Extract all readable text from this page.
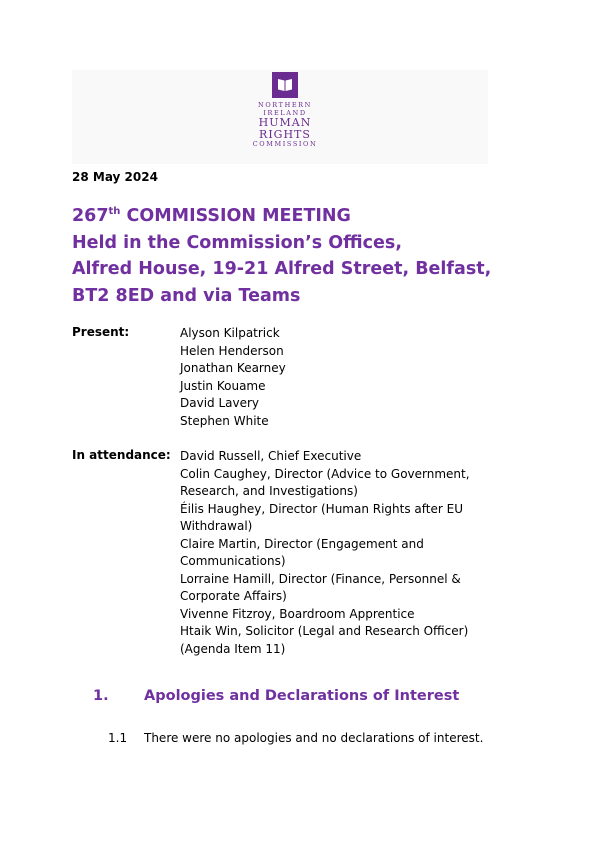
NORTHERN
IRELAND
HUMAN
RIGHTS
COMMISSION
28 May 2024
267th COMMISSION MEETING
Held in the Commission’s Offices,
Alfred House, 19-21 Alfred Street, Belfast,
BT2 8ED and via Teams
Present:	Alyson Kilpatrick
Helen Henderson
Jonathan Kearney
Justin Kouame
David Lavery
Stephen White
In attendance: David Russell, Chief Executive
Colin Caughey, Director (Advice to Government,
Research, and Investigations)
Éilis Haughey, Director (Human Rights after EU
Withdrawal)
Claire Martin, Director (Engagement and
Communications)
Lorraine Hamill, Director (Finance, Personnel &
Corporate Affairs)
Vivenne Fitzroy, Boardroom Apprentice
Htaik Win, Solicitor (Legal and Research Officer)
(Agenda Item 11)
1. Apologies and Declarations of Interest
1.1 There were no apologies and no declarations of interest.
